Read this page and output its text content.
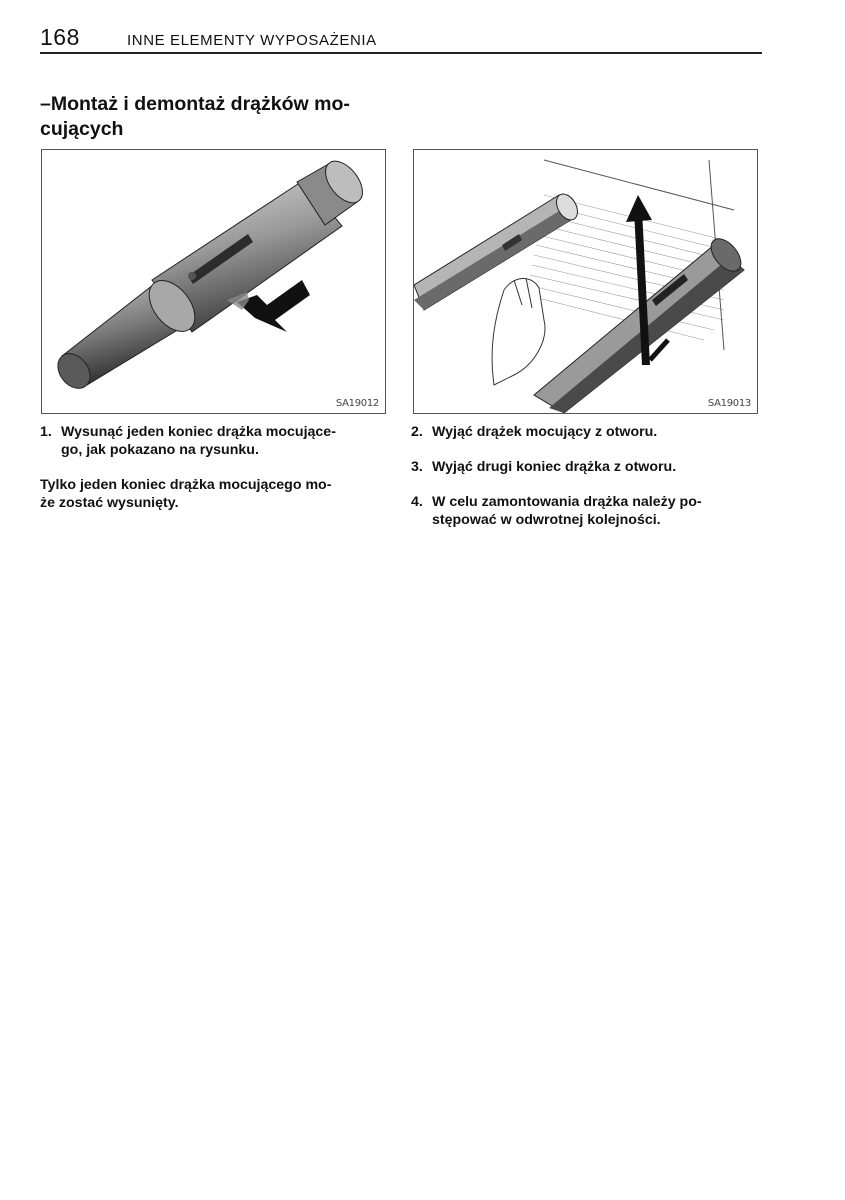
168	INNE ELEMENTY WYPOSAŻENIA
–Montaż i demontaż drążków mo-
cujących
SA19012	SA19013
1. Wysunąć jeden koniec drążka mocujące-
go, jak pokazano na rysunku.

Tylko jeden koniec drążka mocującego mo-
że zostać wysunięty.

2. Wyjąć drążek mocujący z otworu.
3. Wyjąć drugi koniec drążka z otworu.
4. W celu zamontowania drążka należy po-
stępować w odwrotnej kolejności.
